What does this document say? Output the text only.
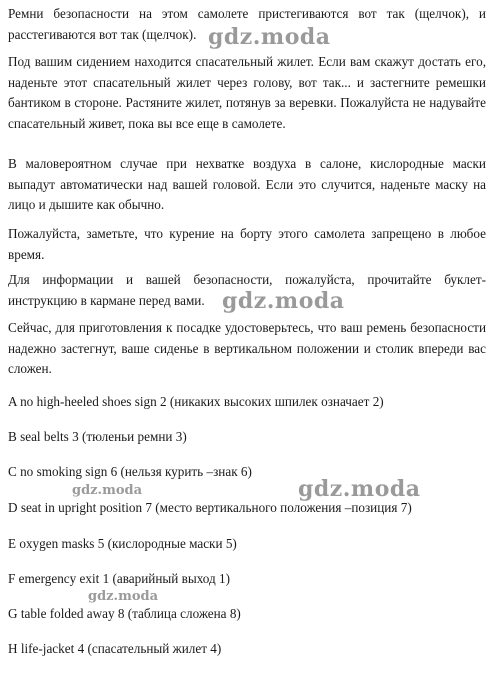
Ремни безопасности на этом самолете пристегиваются вот так (щелчок), и расстегиваются вот так (щелчок).

Под вашим сидением находится спасательный жилет. Если вам скажут достать его, наденьте этот спасательный жилет через голову, вот так... и застегните ремешки бантиком в стороне. Растяните жилет, потянув за веревки. Пожалуйста не надувайте спасательный живет, пока вы все еще в самолете.

В маловероятном случае при нехватке воздуха в салоне, кислородные маски выпадут автоматически над вашей головой. Если это случится, наденьте маску на лицо и дышите как обычно.

Пожалуйста, заметьте, что курение на борту этого самолета запрещено в любое время.

Для информации и вашей безопасности, пожалуйста, прочитайте буклет-инструкцию в кармане перед вами.

Сейчас, для приготовления к посадке удостоверьтесь, что ваш ремень безопасности надежно застегнут, ваше сиденье в вертикальном положении и столик впереди вас сложен.

A no high-heeled shoes sign 2 (никаких высоких шпилек означает 2)

B seal belts 3 (тюленьи ремни 3)

C no smoking sign 6 (нельзя курить –знак 6)

D seat in upright position 7 (место вертикального положения –позиция 7)

E oxygen masks 5 (кислородные маски 5)

F emergency exit 1 (аварийный выход 1)

G table folded away 8 (таблица сложена 8)

H life-jacket 4 (спасательный жилет 4)

gdz.moda
gdz.moda
gdz.moda
gdz.moda
gdz.moda
